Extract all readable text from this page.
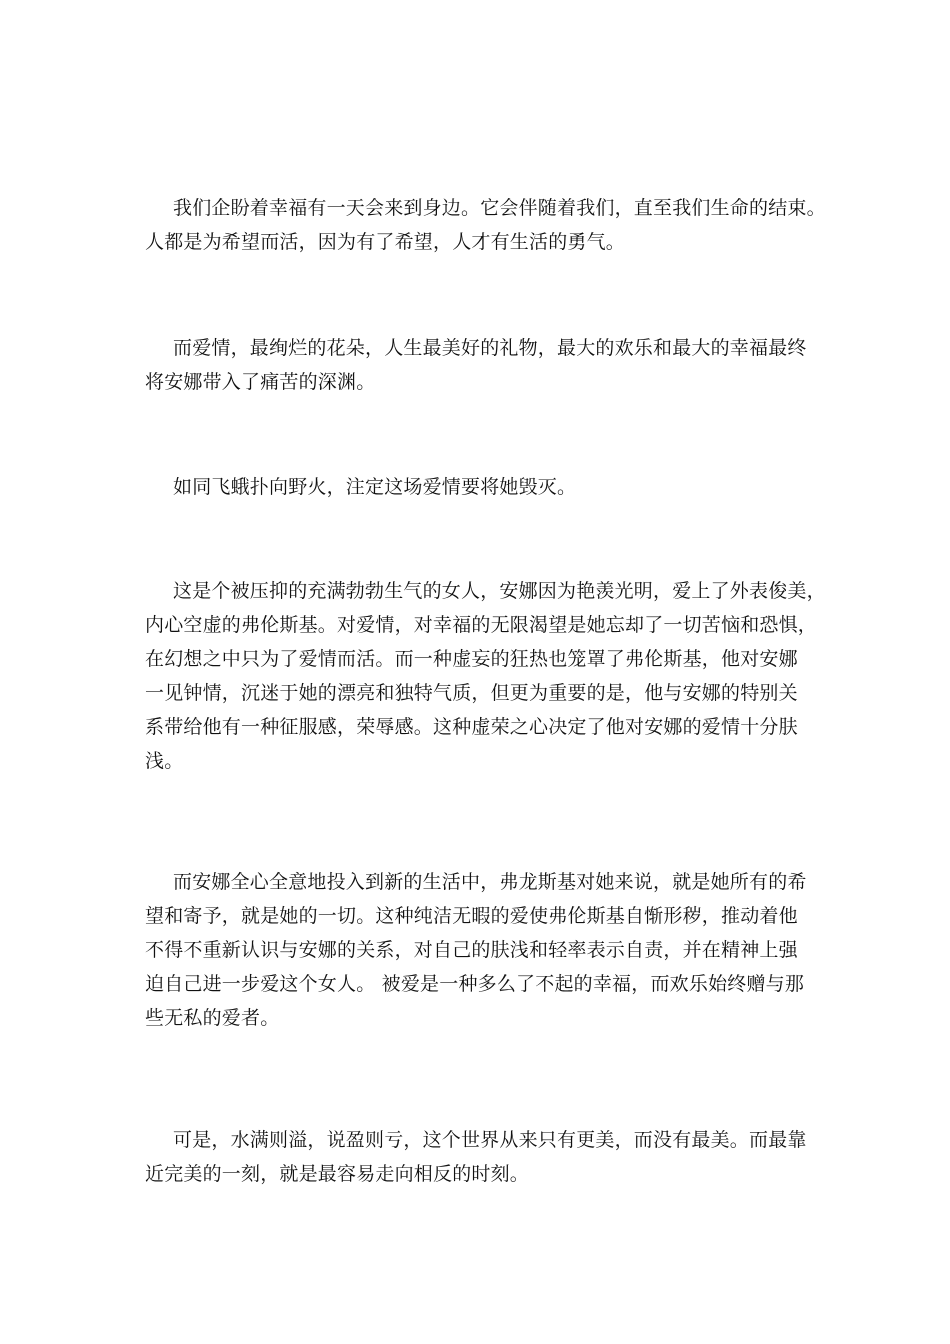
我们企盼着幸福有一天会来到身边。它会伴随着我们，直至我们生命的结束。
人都是为希望而活，因为有了希望，人才有生活的勇气。

而爱情，最绚烂的花朵，人生最美好的礼物，最大的欢乐和最大的幸福最终
将安娜带入了痛苦的深渊。

如同飞蛾扑向野火，注定这场爱情要将她毁灭。

这是个被压抑的充满勃勃生气的女人，安娜因为艳羡光明，爱上了外表俊美，
内心空虚的弗伦斯基。对爱情，对幸福的无限渴望是她忘却了一切苦恼和恐惧，
在幻想之中只为了爱情而活。而一种虚妄的狂热也笼罩了弗伦斯基，他对安娜
一见钟情，沉迷于她的漂亮和独特气质，但更为重要的是，他与安娜的特别关
系带给他有一种征服感，荣辱感。这种虚荣之心决定了他对安娜的爱情十分肤
浅。

而安娜全心全意地投入到新的生活中，弗龙斯基对她来说，就是她所有的希
望和寄予，就是她的一切。这种纯洁无暇的爱使弗伦斯基自惭形秽，推动着他
不得不重新认识与安娜的关系，对自己的肤浅和轻率表示自责，并在精神上强
迫自己进一步爱这个女人。 被爱是一种多么了不起的幸福，而欢乐始终赠与那
些无私的爱者。

可是，水满则溢，说盈则亏，这个世界从来只有更美，而没有最美。而最靠
近完美的一刻，就是最容易走向相反的时刻。
